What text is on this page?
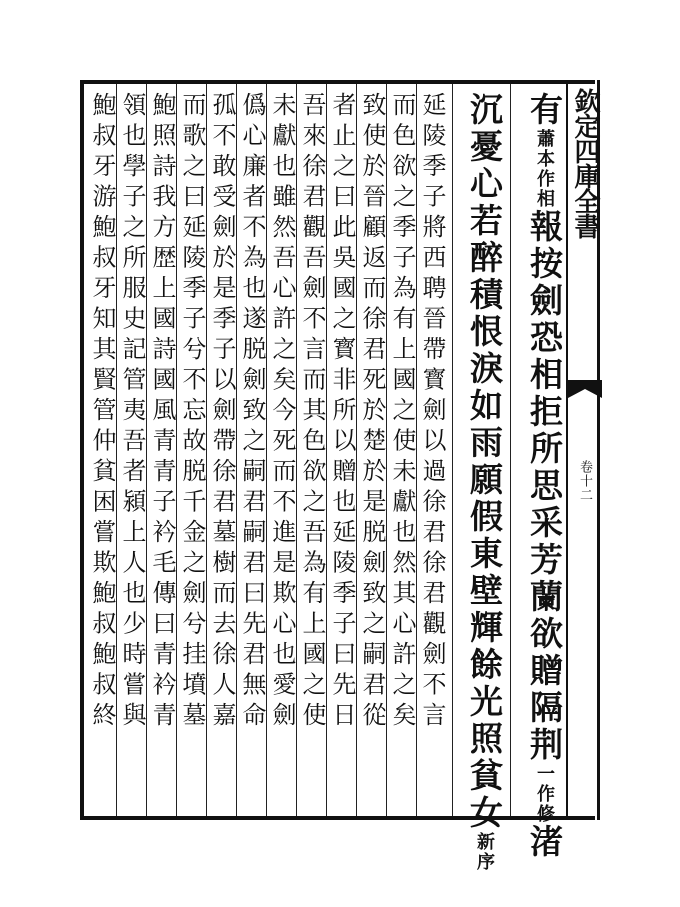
欽定四庫全書
卷十二
有蕭本作相報按劍恐相拒所思采芳蘭欲贈隔荆一作修渚
沉憂心若醉積恨淚如雨願假東壁輝餘光照貧女新序
延陵季子將西聘晉帶寳劍以過徐君徐君觀劍不言
而色欲之季子為有上國之使未獻也然其心許之矣
致使於晉顧返而徐君死於楚於是脱劍致之嗣君從
者止之曰此吳國之寳非所以贈也延陵季子曰先日
吾來徐君觀吾劍不言而其色欲之吾為有上國之使
未獻也雖然吾心許之矣今死而不進是欺心也愛劍
僞心廉者不為也遂脱劍致之嗣君嗣君曰先君無命
孤不敢受劍於是季子以劍帶徐君墓樹而去徐人嘉
而歌之曰延陵季子兮不忘故脱千金之劍兮挂墳墓
鮑照詩我方歴上國詩國風青青子衿毛傳曰青衿青
領也學子之所服史記管夷吾者潁上人也少時嘗與
鮑叔牙游鮑叔牙知其賢管仲貧困嘗欺鮑叔鮑叔終
